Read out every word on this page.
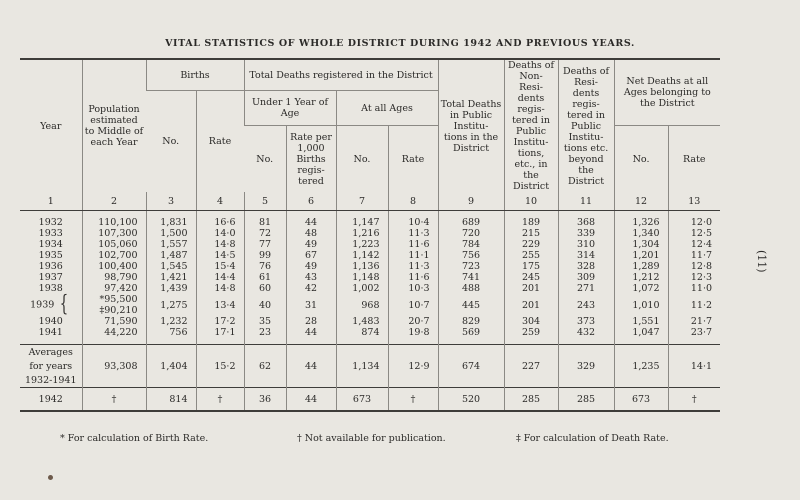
VITAL STATISTICS OF WHOLE DISTRICT DURING 1942 AND PREVIOUS YEARS.
Year	Population estimated to Middle of each Year	Births		Total Deaths registered in the District				Total Deaths in Public Institu- tions in the District	Deaths of Non- Resi- dents regis- tered in Public Institu- tions, etc., in the District	Deaths of Resi- dents regis- tered in Public Institu- tions etc. beyond the District	Net Deaths at all Ages belonging to the District	
		No.	Rate	Under 1 Year of Age		At all Ages						
				No.	Rate per 1,000 Births regis- tered	No.	Rate				No.	Rate
1	2	3	4	5	6	7	8	9	10	11	12	13
1932	110,100	1,831	16·6	81	44	1,147	10·4	689	189	368	1,326	12·0
1933	107,300	1,500	14·0	72	48	1,216	11·3	720	215	339	1,340	12·5
1934	105,060	1,557	14·8	77	49	1,223	11·6	784	229	310	1,304	12·4
1935	102,700	1,487	14·5	99	67	1,142	11·1	756	255	314	1,201	11·7
1936	100,400	1,545	15·4	76	49	1,136	11·3	723	175	328	1,289	12·8
1937	98,790	1,421	14·4	61	43	1,148	11·6	741	245	309	1,212	12·3
1938	97,420	1,439	14·8	60	42	1,002	10·3	488	201	271	1,072	11·0
1939 {	*95,500
‡90,210	1,275	13·4	40	31	968	10·7	445	201	243	1,010	11·2
1940	71,590	1,232	17·2	35	28	1,483	20·7	829	304	373	1,551	21·7
1941	44,220	756	17·1	23	44	874	19·8	569	259	432	1,047	23·7
Averages	93,308	1,404	15·2	62	44	1,134	12·9	674	227	329	1,235	14·1
for years												
1932-1941												
1942	†	814	†	36	44	673	†	520	285	285	673	†
* For calculation of Birth Rate.	† Not available for publication.	‡ For calculation of Death Rate.
(11)
